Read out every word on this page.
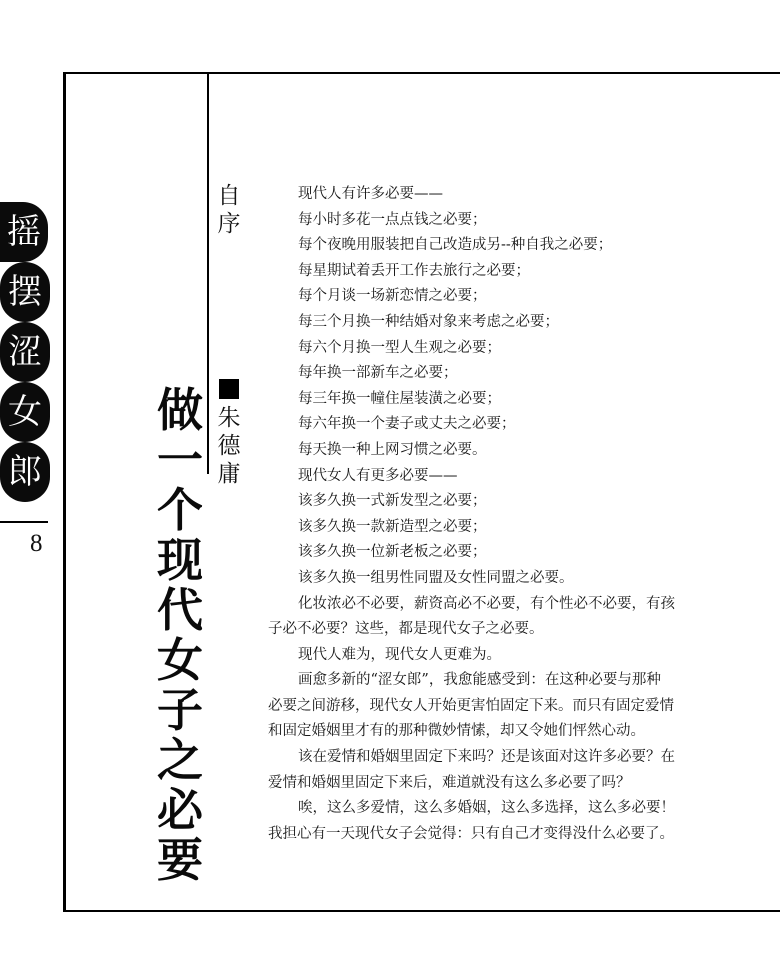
摇
摆
涩
女
郎
8
做
一
个
现
代
女
子
之
必
要
自
序
朱
德
庸
现代人有许多必要——
每小时多花一点点钱之必要；
每个夜晚用服装把自己改造成另--种自我之必要；
每星期试着丢开工作去旅行之必要；
每个月谈一场新恋情之必要；
每三个月换一种结婚对象来考虑之必要；
每六个月换一型人生观之必要；
每年换一部新车之必要；
每三年换一幢住屋装潢之必要；
每六年换一个妻子或丈夫之必要；
每天换一种上网习惯之必要。
现代女人有更多必要——
该多久换一式新发型之必要；
该多久换一款新造型之必要；
该多久换一位新老板之必要；
该多久换一组男性同盟及女性同盟之必要。
化妆浓必不必要，薪资高必不必要，有个性必不必要，有孩
子必不必要？这些，都是现代女子之必要。
现代人难为，现代女人更难为。
画愈多新的“涩女郎”，我愈能感受到：在这种必要与那种
必要之间游移，现代女人开始更害怕固定下来。而只有固定爱情
和固定婚姻里才有的那种微妙情愫，却又令她们怦然心动。
该在爱情和婚姻里固定下来吗？还是该面对这许多必要？在
爱情和婚姻里固定下来后，难道就没有这么多必要了吗？
唉，这么多爱情，这么多婚姻，这么多选择，这么多必要！
我担心有一天现代女子会觉得：只有自己才变得没什么必要了。
